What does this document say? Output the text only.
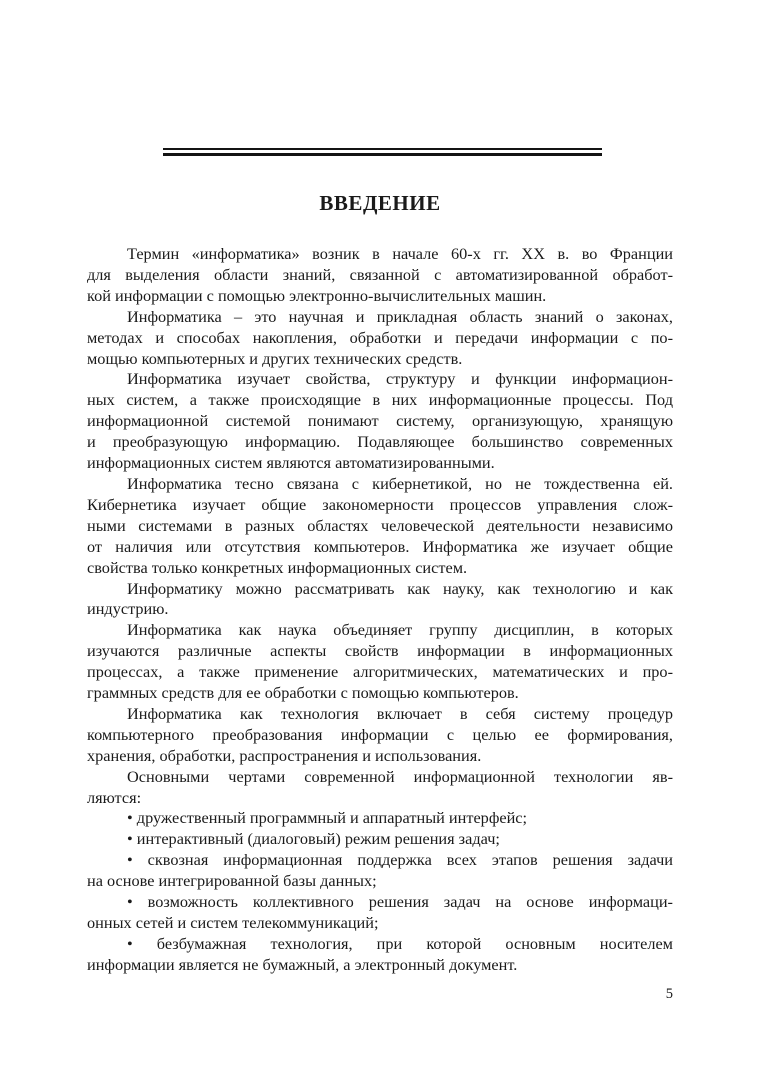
ВВЕДЕНИЕ
Термин «информатика» возник в начале 60-х гг. XX в. во Франции
для выделения области знаний, связанной с автоматизированной обработ-
кой информации с помощью электронно-вычислительных машин.
Информатика – это научная и прикладная область знаний о законах,
методах и способах накопления, обработки и передачи информации с по-
мощью компьютерных и других технических средств.
Информатика изучает свойства, структуру и функции информацион-
ных систем, а также происходящие в них информационные процессы. Под
информационной системой понимают систему, организующую, хранящую
и преобразующую информацию. Подавляющее большинство современных
информационных систем являются автоматизированными.
Информатика тесно связана с кибернетикой, но не тождественна ей.
Кибернетика изучает общие закономерности процессов управления слож-
ными системами в разных областях человеческой деятельности независимо
от наличия или отсутствия компьютеров. Информатика же изучает общие
свойства только конкретных информационных систем.
Информатику можно рассматривать как науку, как технологию и как
индустрию.
Информатика как наука объединяет группу дисциплин, в которых
изучаются различные аспекты свойств информации в информационных
процессах, а также применение алгоритмических, математических и про-
граммных средств для ее обработки с помощью компьютеров.
Информатика как технология включает в себя систему процедур
компьютерного преобразования информации с целью ее формирования,
хранения, обработки, распространения и использования.
Основными чертами современной информационной технологии яв-
ляются:
• дружественный программный и аппаратный интерфейс;
• интерактивный (диалоговый) режим решения задач;
• сквозная информационная поддержка всех этапов решения задачи
на основе интегрированной базы данных;
• возможность коллективного решения задач на основе информаци-
онных сетей и систем телекоммуникаций;
• безбумажная технология, при которой основным носителем
информации является не бумажный, а электронный документ.
5
